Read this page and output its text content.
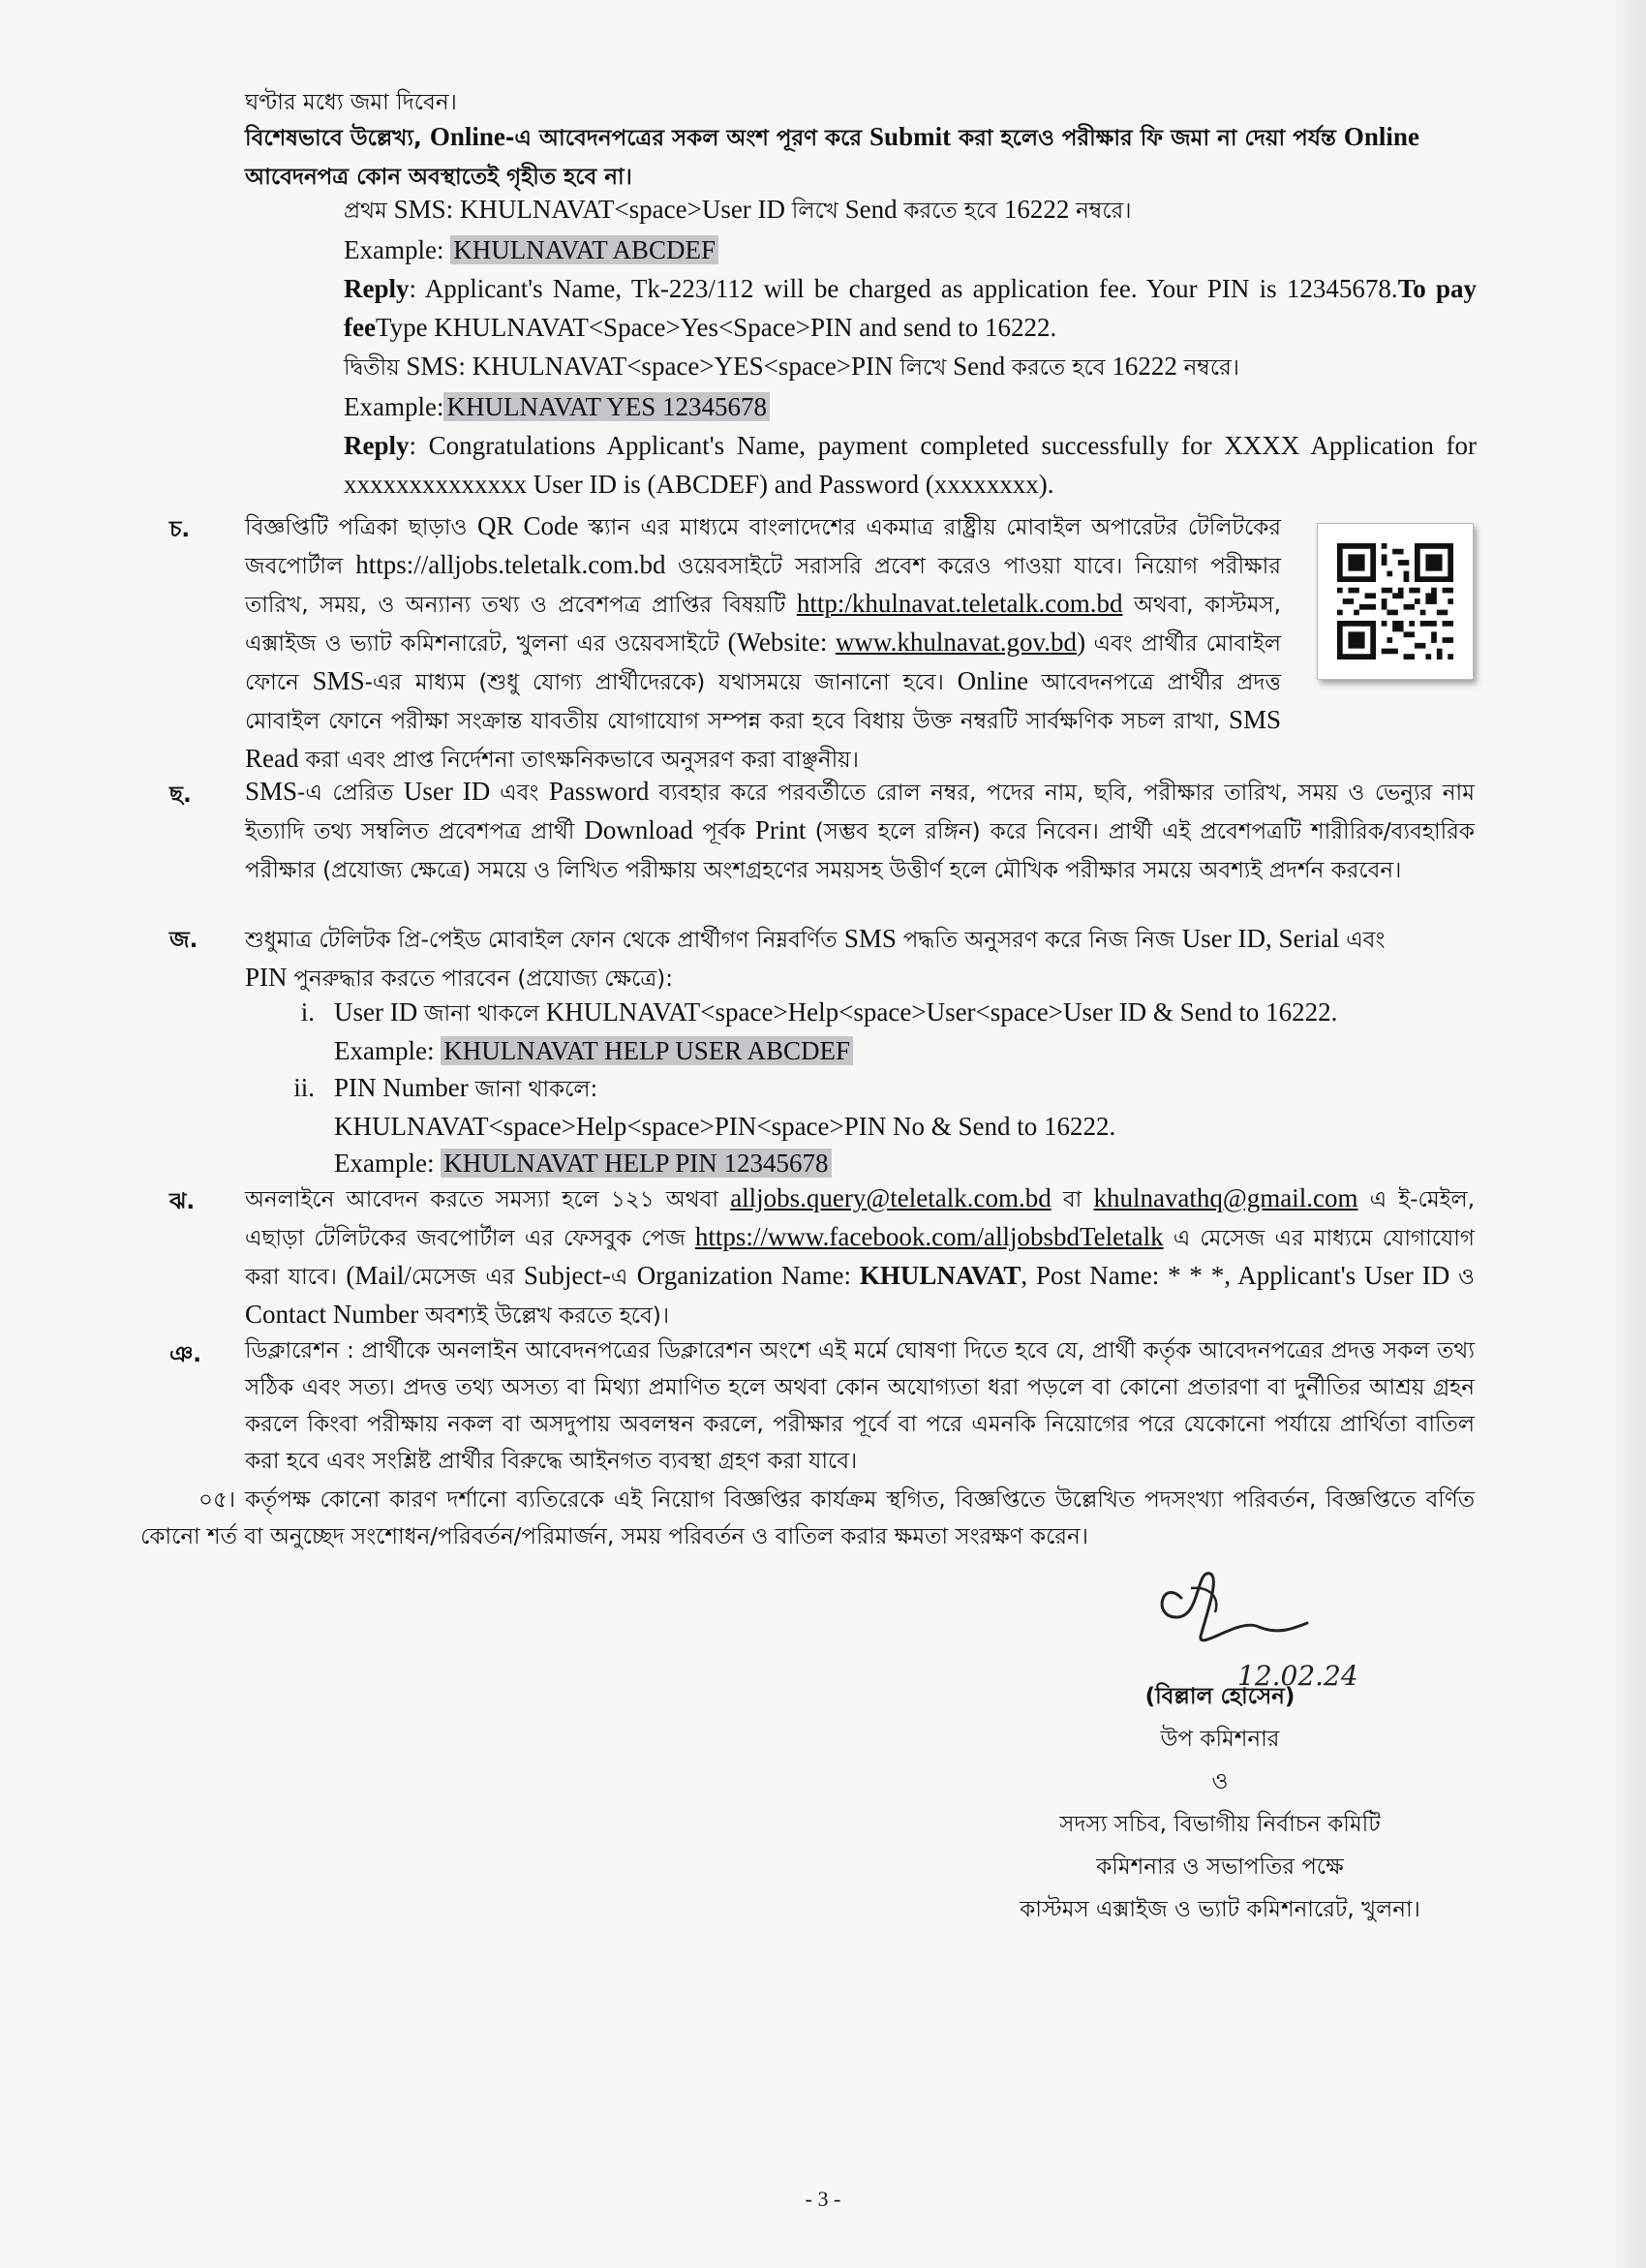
ঘণ্টার মধ্যে জমা দিবেন।
বিশেষভাবে উল্লেখ্য, Online-এ আবেদনপত্রের সকল অংশ পূরণ করে Submit করা হলেও পরীক্ষার ফি জমা না দেয়া পর্যন্ত Online
আবেদনপত্র কোন অবস্থাতেই গৃহীত হবে না।
প্রথম SMS: KHULNAVAT<space>User ID লিখে Send করতে হবে 16222 নম্বরে।
Example: KHULNAVAT ABCDEF
Reply: Applicant's Name, Tk-223/112 will be charged as application fee. Your PIN is 12345678.To pay feeType KHULNAVAT<Space>Yes<Space>PIN and send to 16222.
দ্বিতীয় SMS: KHULNAVAT<space>YES<space>PIN লিখে Send করতে হবে 16222 নম্বরে।
Example: KHULNAVAT YES 12345678
Reply: Congratulations Applicant's Name, payment completed successfully for XXXX Application for xxxxxxxxxxxxxx User ID is (ABCDEF) and Password (xxxxxxxx).
চ. বিজ্ঞপ্তিটি পত্রিকা ছাড়াও QR Code স্ক্যান এর মাধ্যমে বাংলাদেশের একমাত্র রাষ্ট্রীয় মোবাইল অপারেটর টেলিটকের জবপোর্টাল https://alljobs.teletalk.com.bd ওয়েবসাইটে সরাসরি প্রবেশ করেও পাওয়া যাবে। নিয়োগ পরীক্ষার তারিখ, সময়, ও অন্যান্য তথ্য ও প্রবেশপত্র প্রাপ্তির বিষয়টি http:/khulnavat.teletalk.com.bd অথবা, কাস্টমস, এক্সাইজ ও ভ্যাট কমিশনারেট, খুলনা এর ওয়েবসাইটে (Website: www.khulnavat.gov.bd) এবং প্রার্থীর মোবাইল ফোনে SMS-এর মাধ্যম (শুধু যোগ্য প্রার্থীদেরকে) যথাসময়ে জানানো হবে। Online আবেদনপত্রে প্রার্থীর প্রদত্ত মোবাইল ফোনে পরীক্ষা সংক্রান্ত যাবতীয় যোগাযোগ সম্পন্ন করা হবে বিধায় উক্ত নম্বরটি সার্বক্ষণিক সচল রাখা, SMS Read করা এবং প্রাপ্ত নির্দেশনা তাৎক্ষনিকভাবে অনুসরণ করা বাঞ্ছনীয়।
ছ. SMS-এ প্রেরিত User ID এবং Password ব্যবহার করে পরবর্তীতে রোল নম্বর, পদের নাম, ছবি, পরীক্ষার তারিখ, সময় ও ভেন্যুর নাম ইত্যাদি তথ্য সম্বলিত প্রবেশপত্র প্রার্থী Download পূর্বক Print (সম্ভব হলে রঙ্গিন) করে নিবেন। প্রার্থী এই প্রবেশপত্রটি শারীরিক/ব্যবহারিক পরীক্ষার (প্রযোজ্য ক্ষেত্রে) সময়ে ও লিখিত পরীক্ষায় অংশগ্রহণের সময়সহ উত্তীর্ণ হলে মৌখিক পরীক্ষার সময়ে অবশ্যই প্রদর্শন করবেন।
জ. শুধুমাত্র টেলিটক প্রি-পেইড মোবাইল ফোন থেকে প্রার্থীগণ নিম্নবর্ণিত SMS পদ্ধতি অনুসরণ করে নিজ নিজ User ID, Serial এবং
PIN পুনরুদ্ধার করতে পারবেন (প্রযোজ্য ক্ষেত্রে):
i. User ID জানা থাকলে KHULNAVAT<space>Help<space>User<space>User ID & Send to 16222.
Example: KHULNAVAT HELP USER ABCDEF
ii. PIN Number জানা থাকলে:
KHULNAVAT<space>Help<space>PIN<space>PIN No & Send to 16222.
Example: KHULNAVAT HELP PIN 12345678
ঝ. অনলাইনে আবেদন করতে সমস্যা হলে ১২১ অথবা alljobs.query@teletalk.com.bd বা khulnavathq@gmail.com এ ই-মেইল, এছাড়া টেলিটকের জবপোর্টাল এর ফেসবুক পেজ https://www.facebook.com/alljobsbdTeletalk এ মেসেজ এর মাধ্যমে যোগাযোগ করা যাবে। (Mail/মেসেজ এর Subject-এ Organization Name: KHULNAVAT, Post Name: * * *, Applicant's User ID ও Contact Number অবশ্যই উল্লেখ করতে হবে)।
ঞ. ডিক্লারেশন : প্রার্থীকে অনলাইন আবেদনপত্রের ডিক্লারেশন অংশে এই মর্মে ঘোষণা দিতে হবে যে, প্রার্থী কর্তৃক আবেদনপত্রের প্রদত্ত সকল তথ্য সঠিক এবং সত্য। প্রদত্ত তথ্য অসত্য বা মিথ্যা প্রমাণিত হলে অথবা কোন অযোগ্যতা ধরা পড়লে বা কোনো প্রতারণা বা দুর্নীতির আশ্রয় গ্রহন করলে কিংবা পরীক্ষায় নকল বা অসদুপায় অবলম্বন করলে, পরীক্ষার পূর্বে বা পরে এমনকি নিয়োগের পরে যেকোনো পর্যায়ে প্রার্থিতা বাতিল করা হবে এবং সংশ্লিষ্ট প্রার্থীর বিরুদ্ধে আইনগত ব্যবস্থা গ্রহণ করা যাবে।
০৫। কর্তৃপক্ষ কোনো কারণ দর্শানো ব্যতিরেকে এই নিয়োগ বিজ্ঞপ্তির কার্যক্রম স্থগিত, বিজ্ঞপ্তিতে উল্লেখিত পদসংখ্যা পরিবর্তন, বিজ্ঞপ্তিতে বর্ণিত কোনো শর্ত বা অনুচ্ছেদ সংশোধন/পরিবর্তন/পরিমার্জন, সময় পরিবর্তন ও বাতিল করার ক্ষমতা সংরক্ষণ করেন।
12.02.24
(বিল্লাল হোসেন)
উপ কমিশনার
ও
সদস্য সচিব, বিভাগীয় নির্বাচন কমিটি
কমিশনার ও সভাপতির পক্ষে
কাস্টমস এক্সাইজ ও ভ্যাট কমিশনারেট, খুলনা।
- 3 -
